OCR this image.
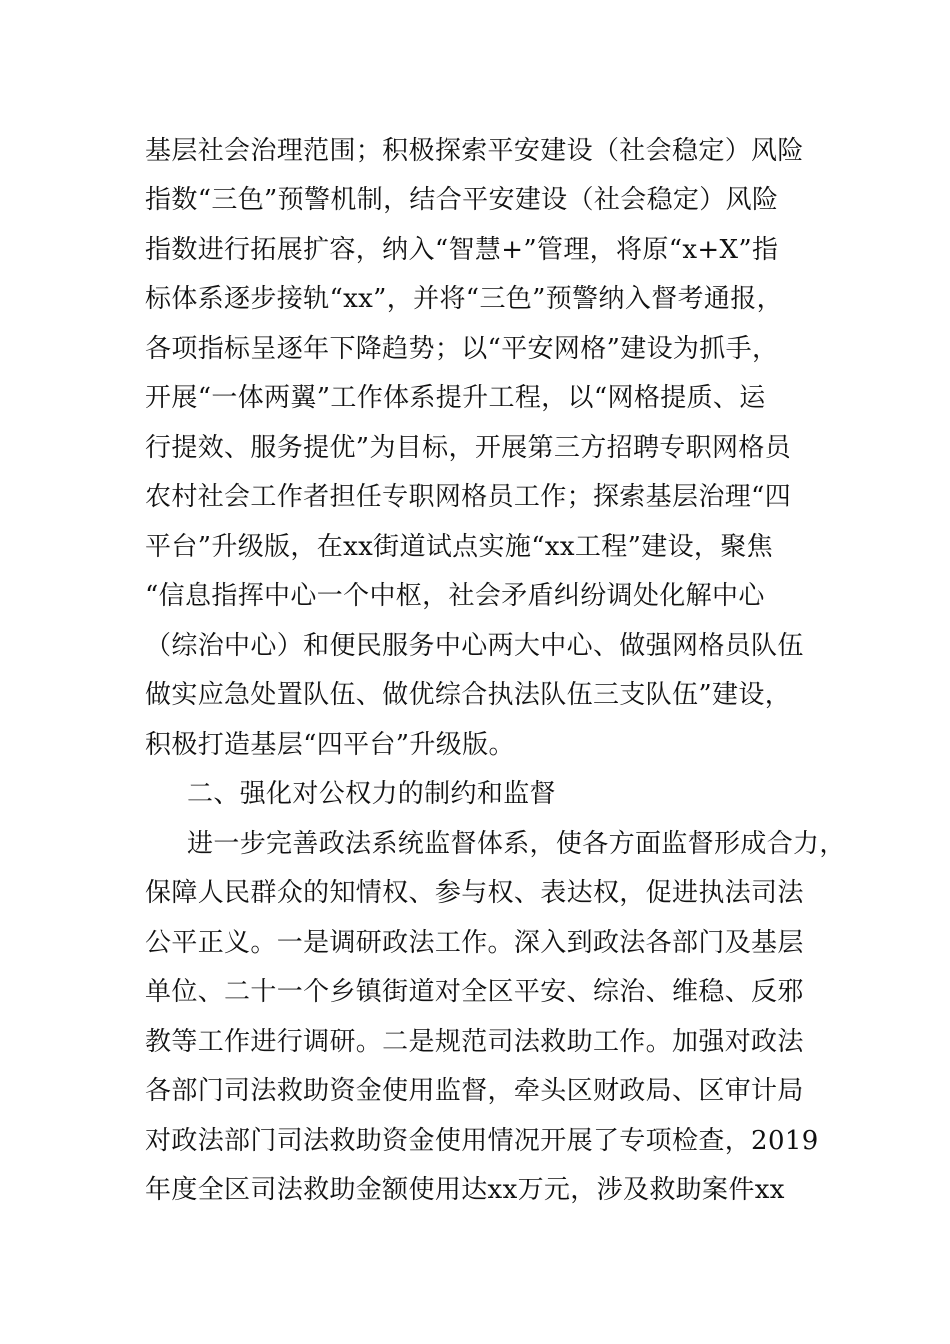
基层社会治理范围；积极探索平安建设（社会稳定）风险
指数“三色”预警机制，结合平安建设（社会稳定）风险
指数进行拓展扩容，纳入“智慧+”管理，将原“x+X”指
标体系逐步接轨“xx”，并将“三色”预警纳入督考通报，
各项指标呈逐年下降趋势；以“平安网格”建设为抓手，
开展“一体两翼”工作体系提升工程，以“网格提质、运
行提效、服务提优”为目标，开展第三方招聘专职网格员
农村社会工作者担任专职网格员工作；探索基层治理“四
平台”升级版，在xx街道试点实施“xx工程”建设，聚焦
“信息指挥中心一个中枢，社会矛盾纠纷调处化解中心
（综治中心）和便民服务中心两大中心、做强网格员队伍
做实应急处置队伍、做优综合执法队伍三支队伍”建设，
积极打造基层“四平台”升级版。
二、强化对公权力的制约和监督
进一步完善政法系统监督体系，使各方面监督形成合力，
保障人民群众的知情权、参与权、表达权，促进执法司法
公平正义。一是调研政法工作。深入到政法各部门及基层
单位、二十一个乡镇街道对全区平安、综治、维稳、反邪
教等工作进行调研。二是规范司法救助工作。加强对政法
各部门司法救助资金使用监督，牵头区财政局、区审计局
对政法部门司法救助资金使用情况开展了专项检查，2019
年度全区司法救助金额使用达xx万元，涉及救助案件xx
